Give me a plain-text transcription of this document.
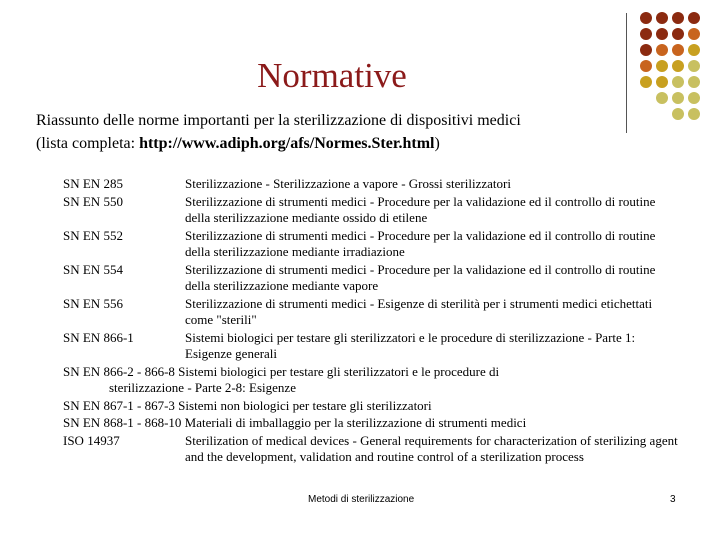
Normative
Riassunto delle norme importanti per la sterilizzazione di dispositivi medici
(lista completa: http://www.adiph.org/afs/Normes.Ster.html)
SN EN 285	Sterilizzazione - Sterilizzazione a vapore - Grossi sterilizzatori
SN EN 550	Sterilizzazione di strumenti medici - Procedure per la validazione ed il controllo di routine della sterilizzazione mediante ossido di etilene
SN EN 552	Sterilizzazione di strumenti medici - Procedure per la validazione ed il controllo di routine della sterilizzazione mediante irradiazione
SN EN 554	Sterilizzazione di strumenti medici - Procedure per la validazione ed il controllo di routine della sterilizzazione mediante vapore
SN EN 556	Sterilizzazione di strumenti medici - Esigenze di sterilità per i strumenti medici etichettati come "sterili"
SN EN 866-1	Sistemi biologici per testare gli sterilizzatori e le procedure di sterilizzazione - Parte 1: Esigenze generali
SN EN 866-2 - 866-8 Sistemi biologici per testare gli sterilizzatori e le procedure di
sterilizzazione - Parte 2-8: Esigenze
SN EN 867-1 - 867-3 Sistemi non biologici per testare gli sterilizzatori
SN EN 868-1 - 868-10 Materiali di imballaggio per la sterilizzazione di strumenti medici
ISO 14937	Sterilization of medical devices - General requirements for characterization of sterilizing agent and the development, validation and routine control of a sterilization process
Metodi di sterilizzazione	3
